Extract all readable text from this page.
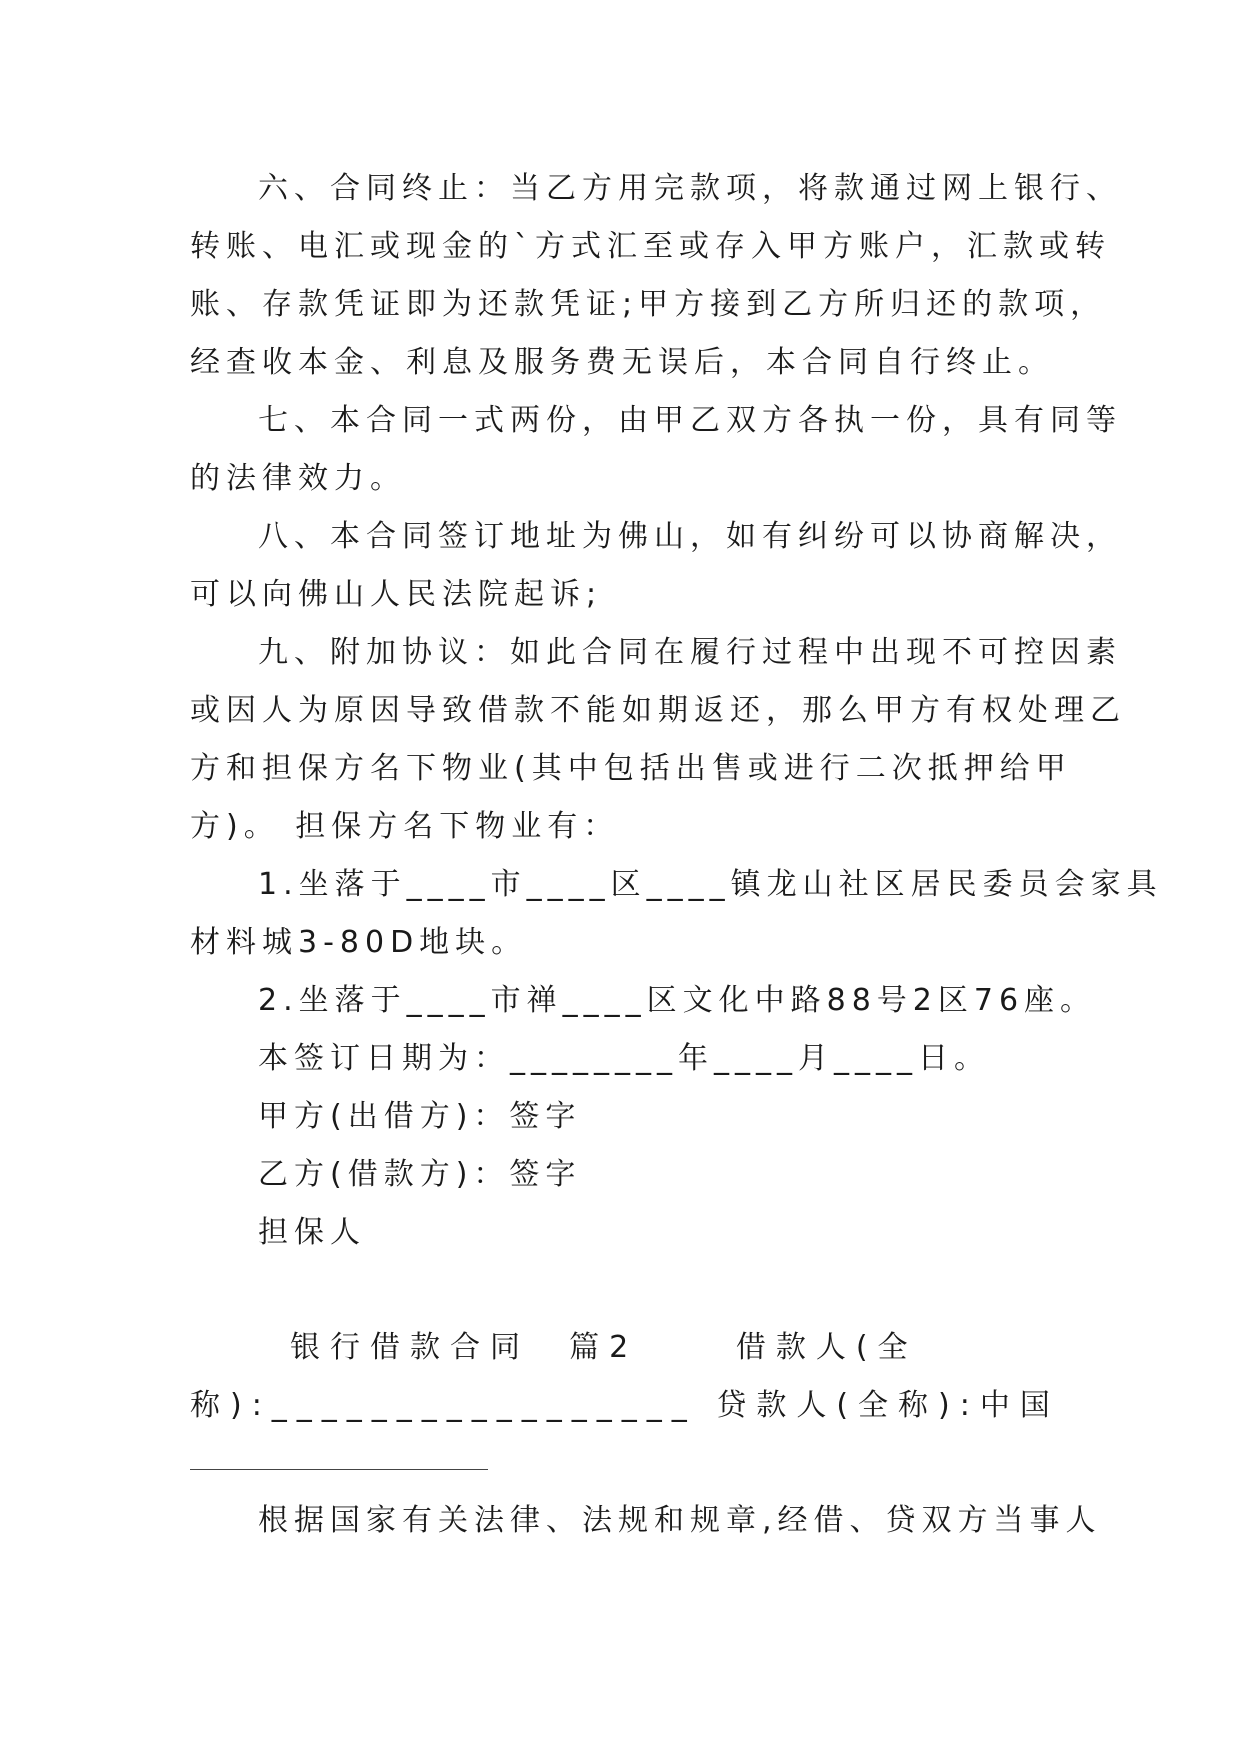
六、合同终止：当乙方用完款项，将款通过网上银行、
转账、电汇或现金的`方式汇至或存入甲方账户，汇款或转
账、存款凭证即为还款凭证;甲方接到乙方所归还的款项，
经查收本金、利息及服务费无误后，本合同自行终止。
七、本合同一式两份，由甲乙双方各执一份，具有同等
的法律效力。
八、本合同签订地址为佛山，如有纠纷可以协商解决，
可以向佛山人民法院起诉;
九、附加协议：如此合同在履行过程中出现不可控因素
或因人为原因导致借款不能如期返还，那么甲方有权处理乙
方和担保方名下物业(其中包括出售或进行二次抵押给甲
方)。 担保方名下物业有：
1.坐落于____市____区____镇龙山社区居民委员会家具
材料城3-80D地块。
2.坐落于____市禅____区文化中路88号2区76座。
本签订日期为：________年____月____日。
甲方(出借方)：签字
乙方(借款方)：签字
担保人
银行借款合同  篇2     借款人(全
称):_________________ 贷款人(全称):中国
根据国家有关法律、法规和规章,经借、贷双方当事人
